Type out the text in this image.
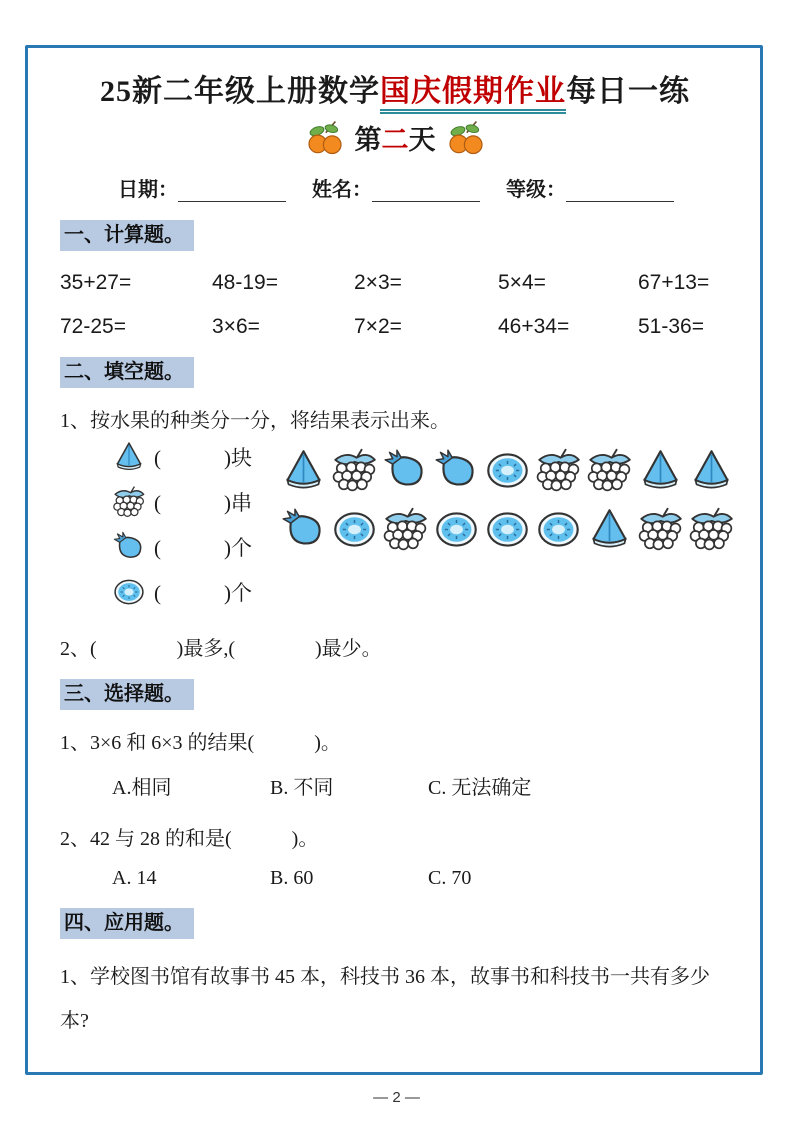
25新二年级上册数学国庆假期作业每日一练
第二天
日期：	姓名：	等级：
一、计算题。
35+27=	48-19=	2×3=	5×4=	67+13=
72-25=	3×6=	7×2=	46+34=	51-36=
二、填空题。
1、按水果的种类分一分，将结果表示出来。
(　　　)块
(　　　)串
(　　　)个
(　　　)个
2、(　　　　)最多,(　　　　)最少。
三、选择题。
1、3×6 和 6×3 的结果(　　　)。
A.相同	B. 不同	C. 无法确定
2、42 与 28 的和是(　　　)。
A. 14	B. 60	C. 70
四、应用题。
1、学校图书馆有故事书 45 本，科技书 36 本，故事书和科技书一共有多少本?
— 2 —
